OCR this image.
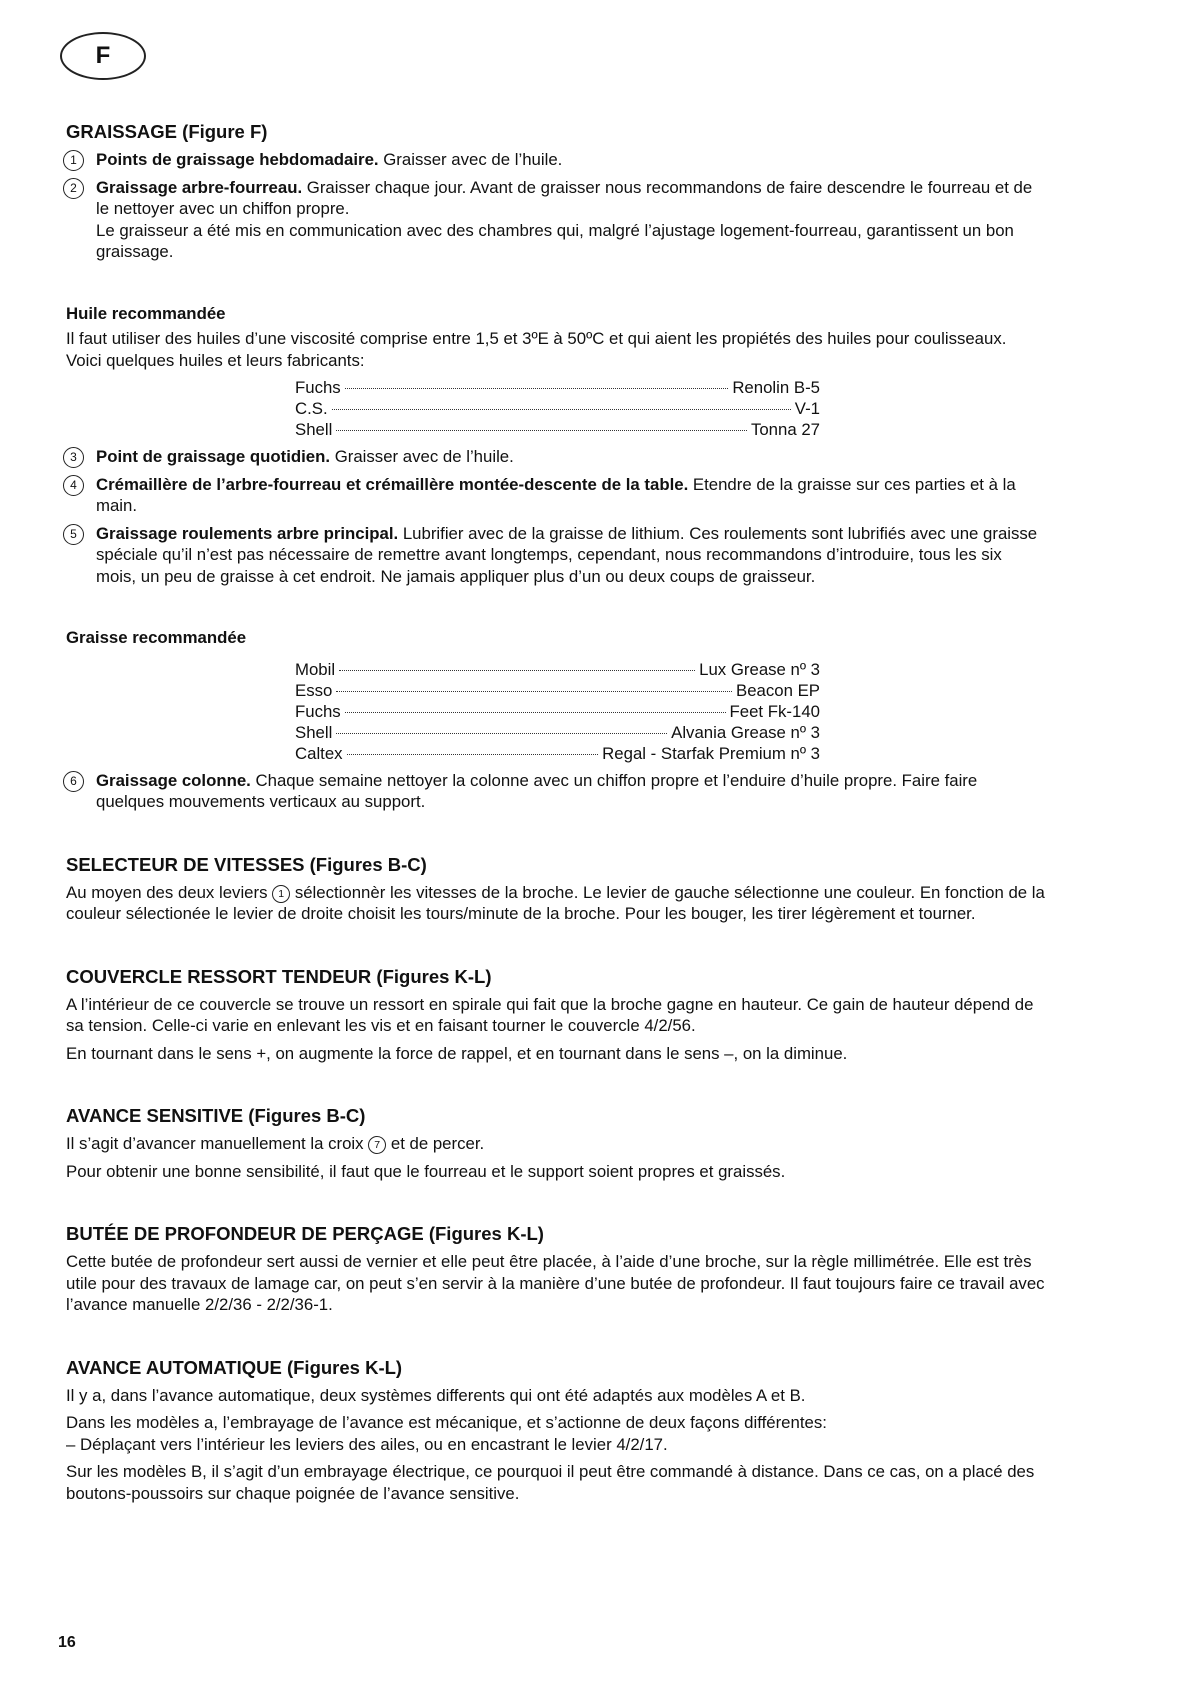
F
GRAISSAGE (Figure F)
1	Points de graissage hebdomadaire. Graisser avec de l’huile.
2	Graissage arbre-fourreau. Graisser chaque jour. Avant de graisser nous recommandons de faire descendre le fourreau et de le nettoyer avec un chiffon propre.
Le graisseur a été mis en communication avec des chambres qui, malgré l’ajustage logement-fourreau, garantissent un bon graissage.
Huile recommandée

Il faut utiliser des huiles d’une viscosité comprise entre 1,5 et 3ºE à 50ºC et qui aient les propiétés des huiles pour coulisseaux. Voici quelques huiles et leurs fabricants:

Fuchs	Renolin B-5
C.S.	V-1
Shell	Tonna 27
3	Point de graissage quotidien. Graisser avec de l’huile.
4	Crémaillère de l’arbre-fourreau et crémaillère montée-descente de la table. Etendre de la graisse sur ces parties et à la main.
5	Graissage roulements arbre principal. Lubrifier avec de la graisse de lithium. Ces roulements sont lubrifiés avec une graisse spéciale qu’il n’est pas nécessaire de remettre avant longtemps, cependant, nous recommandons d’introduire, tous les six mois, un peu de graisse à cet endroit. Ne jamais appliquer plus d’un ou deux coups de graisseur.
Graisse recommandée
Mobil	Lux Grease nº 3
Esso	Beacon EP
Fuchs	Feet Fk-140
Shell	Alvania Grease nº 3
Caltex	Regal - Starfak Premium nº 3
6	Graissage colonne. Chaque semaine nettoyer la colonne avec un chiffon propre et l’enduire d’huile propre. Faire faire quelques mouvements verticaux au support.
SELECTEUR DE VITESSES (Figures B-C)

Au moyen des deux leviers 1 sélectionnèr les vitesses de la broche. Le levier de gauche sélectionne une couleur. En fonction de la couleur sélectionée le levier de droite choisit les tours/minute de la broche. Pour les bouger, les tirer légèrement et tourner.

COUVERCLE RESSORT TENDEUR (Figures K-L)

A l’intérieur de ce couvercle se trouve un ressort en spirale qui fait que la broche gagne en hauteur. Ce gain de hauteur dépend de sa tension. Celle-ci varie en enlevant les vis et en faisant tourner le couvercle 4/2/56.

En tournant dans le sens +, on augmente la force de rappel, et en tournant dans le sens –, on la diminue.

AVANCE SENSITIVE (Figures B-C)

Il s’agit d’avancer manuellement la croix 7 et de percer.

Pour obtenir une bonne sensibilité, il faut que le fourreau et le support soient propres et graissés.

BUTÉE DE PROFONDEUR DE PERÇAGE (Figures K-L)

Cette butée de profondeur sert aussi de vernier et elle peut être placée, à l’aide d’une broche, sur la règle millimétrée. Elle est très utile pour des travaux de lamage car, on peut s’en servir à la manière d’une butée de profondeur. Il faut toujours faire ce travail avec l’avance manuelle 2/2/36 - 2/2/36-1.

AVANCE AUTOMATIQUE (Figures K-L)

Il y a, dans l’avance automatique, deux systèmes differents qui ont été adaptés aux modèles A et B.

Dans les modèles a, l’embrayage de l’avance est mécanique, et s’actionne de deux façons différentes:

– Déplaçant vers l’intérieur les leviers des ailes, ou en encastrant le levier 4/2/17.

Sur les modèles B, il s’agit d’un embrayage électrique, ce pourquoi il peut être commandé à distance. Dans ce cas, on a placé des boutons-poussoirs sur chaque poignée de l’avance sensitive.

16
